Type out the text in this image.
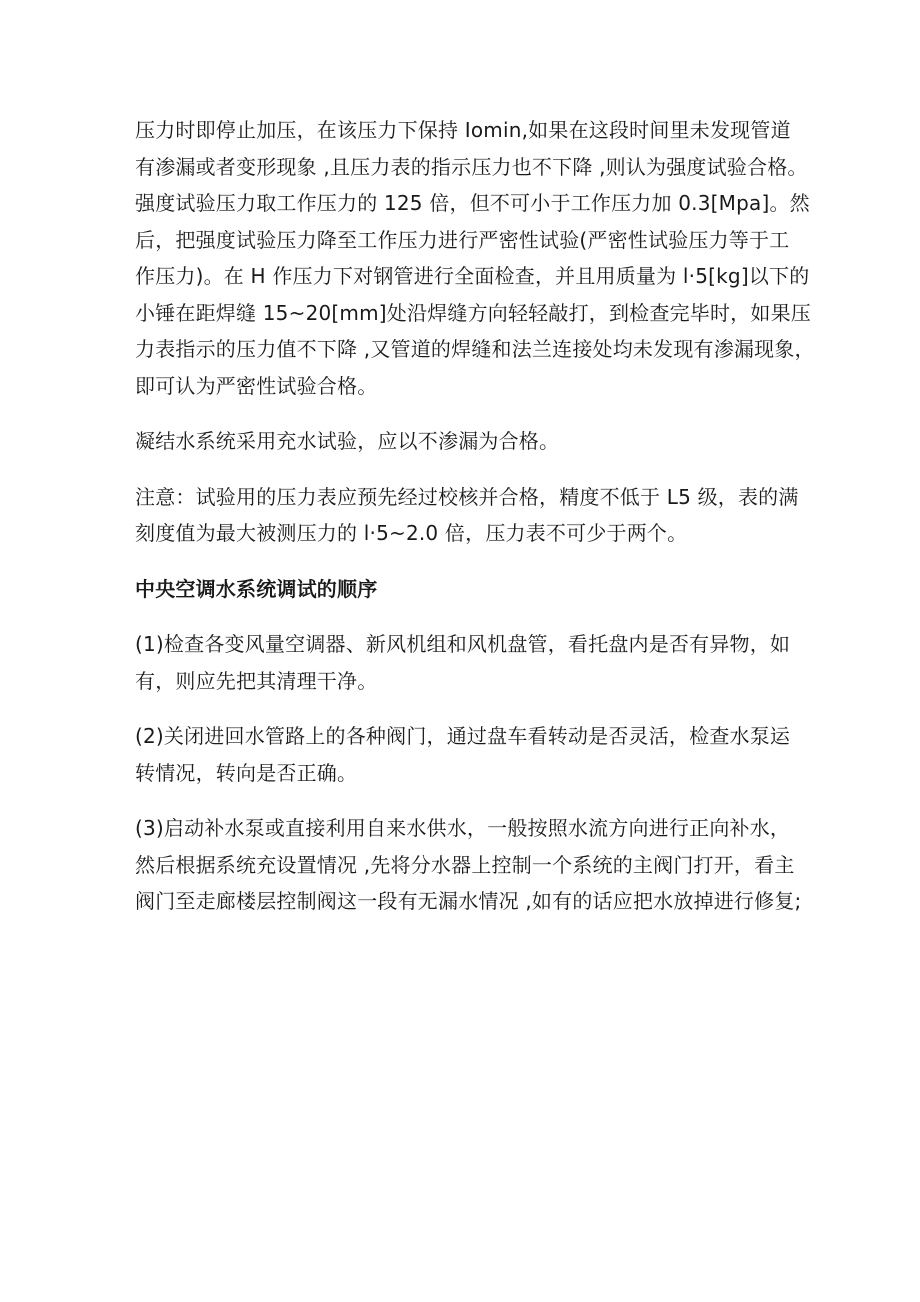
压力时即停止加压，在该压力下保持 Iomin,如果在这段时间里未发现管道
有渗漏或者变形现象 ,且压力表的指示压力也不下降 ,则认为强度试验合格。
强度试验压力取工作压力的 125 倍，但不可小于工作压力加 0.3[Mpa]。然
后，把强度试验压力降至工作压力进行严密性试验(严密性试验压力等于工
作压力)。在 H 作压力下对钢管进行全面检查，并且用质量为 l·5[kg]以下的
小锤在距焊缝 15~20[mm]处沿焊缝方向轻轻敲打，到检查完毕时，如果压
力表指示的压力值不下降 ,又管道的焊缝和法兰连接处均未发现有渗漏现象，
即可认为严密性试验合格。

凝结水系统采用充水试验，应以不渗漏为合格。

注意：试验用的压力表应预先经过校核并合格，精度不低于 L5 级，表的满
刻度值为最大被测压力的 l·5~2.0 倍，压力表不可少于两个。

中央空调水系统调试的顺序

(1)检查各变风量空调器、新风机组和风机盘管，看托盘内是否有异物，如
有，则应先把其清理干净。

(2)关闭进回水管路上的各种阀门，通过盘车看转动是否灵活，检查水泵运
转情况，转向是否正确。

(3)启动补水泵或直接利用自来水供水，一般按照水流方向进行正向补水，
然后根据系统充设置情况 ,先将分水器上控制一个系统的主阀门打开，看主
阀门至走廊楼层控制阀这一段有无漏水情况 ,如有的话应把水放掉进行修复;
